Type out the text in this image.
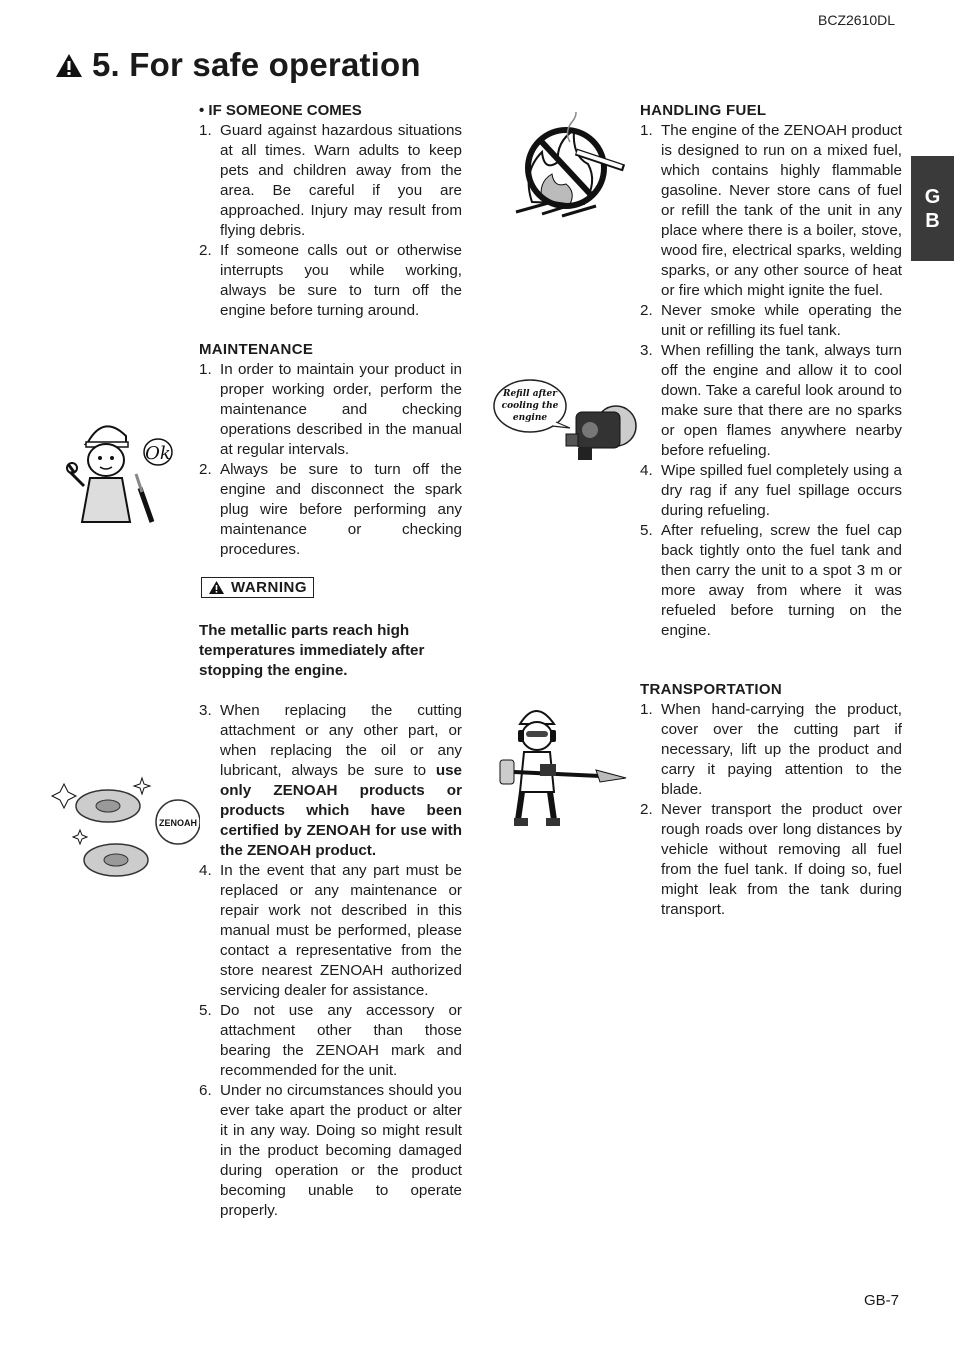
BCZ2610DL
5. For safe operation
G
B

• IF SOMEONE COMES

1. Guard against hazardous situations at all times. Warn adults to keep pets and children away from the area. Be careful if you are approached. Injury may result from flying debris.
2. If someone calls out or otherwise interrupts you while working, always be sure to turn off the engine before turning around.

MAINTENANCE

1. In order to maintain your product in proper working order, perform the maintenance and checking operations described in the manual at regular intervals.
2. Always be sure to turn off the engine and disconnect the spark plug wire before performing any maintenance or checking procedures.
WARNING
The metallic parts reach high temperatures immediately after stopping the engine.
3. When replacing the cutting attachment or any other part, or when replacing the oil or any lubricant, always be sure to use only ZENOAH products or products which have been certified by ZENOAH for use with the ZENOAH product.
4. In the event that any part must be replaced or any maintenance or repair work not described in this manual must be performed, please contact a representative from the store nearest ZENOAH authorized servicing dealer for assistance.
5. Do not use any accessory or attachment other than those bearing the ZENOAH mark and recommended for the unit.
6. Under no circumstances should you ever take apart the product or alter it in any way. Doing so might result in the product becoming damaged during operation or the product becoming unable to operate properly.

HANDLING FUEL

1. The engine of the ZENOAH product is designed to run on a mixed fuel, which contains highly flammable gasoline. Never store cans of fuel or refill the tank of the unit in any place where there is a boiler, stove, wood fire, electrical sparks, welding sparks, or any other source of heat or fire which might ignite the fuel.
2. Never smoke while operating the unit or refilling its fuel tank.
3. When refilling the tank, always turn off the engine and allow it to cool down. Take a careful look around to make sure that there are no sparks or open flames anywhere nearby before refueling.
4. Wipe spilled fuel completely using a dry rag if any fuel spillage occurs during refueling.
5. After refueling, screw the fuel cap back tightly onto the fuel tank and then carry the unit to a spot 3 m or more away from where it was refueled before turning on the engine.

TRANSPORTATION

1. When hand-carrying the product, cover over the cutting part if necessary, lift up the product and carry it paying attention to the blade.
2. Never transport the product over rough roads over long distances by vehicle without removing all fuel from the fuel tank. If doing so, fuel might leak from the tank during transport.
Ok
ZENOAH
Refill after
cooling the
engine
GB-7
